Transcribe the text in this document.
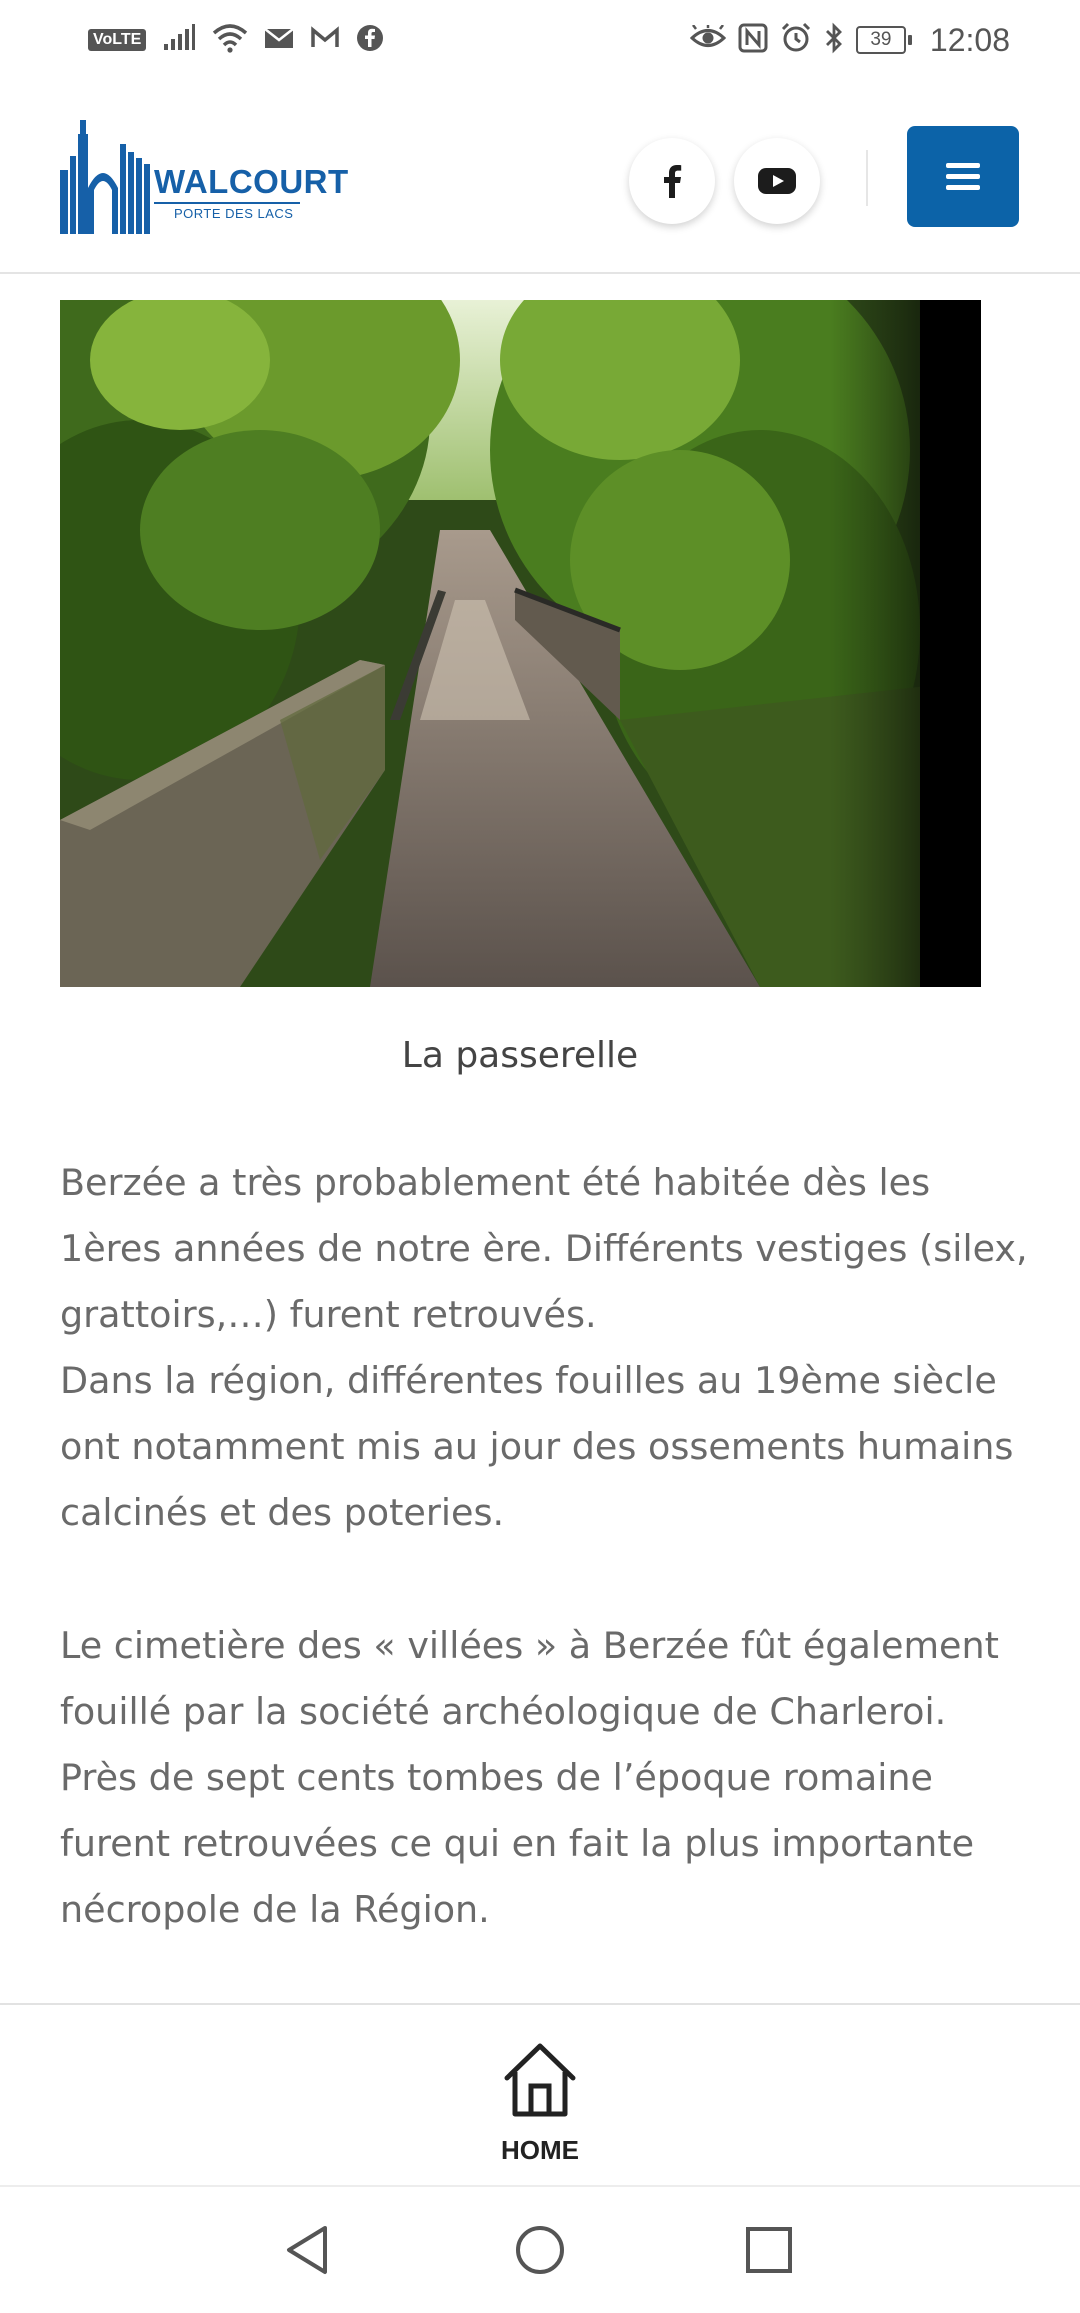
VoLTE	39	12:08
WALCOURT
PORTE DES LACS
La passerelle

Berzée a très probablement été habitée dès les
1ères années de notre ère. Différents vestiges (silex,
grattoirs,…) furent retrouvés.
Dans la région, différentes fouilles au 19ème siècle
ont notamment mis au jour des ossements humains
calcinés et des poteries.

Le cimetière des « villées » à Berzée fût également
fouillé par la société archéologique de Charleroi.
Près de sept cents tombes de l’époque romaine
furent retrouvées ce qui en fait la plus importante
nécropole de la Région.

HOME
